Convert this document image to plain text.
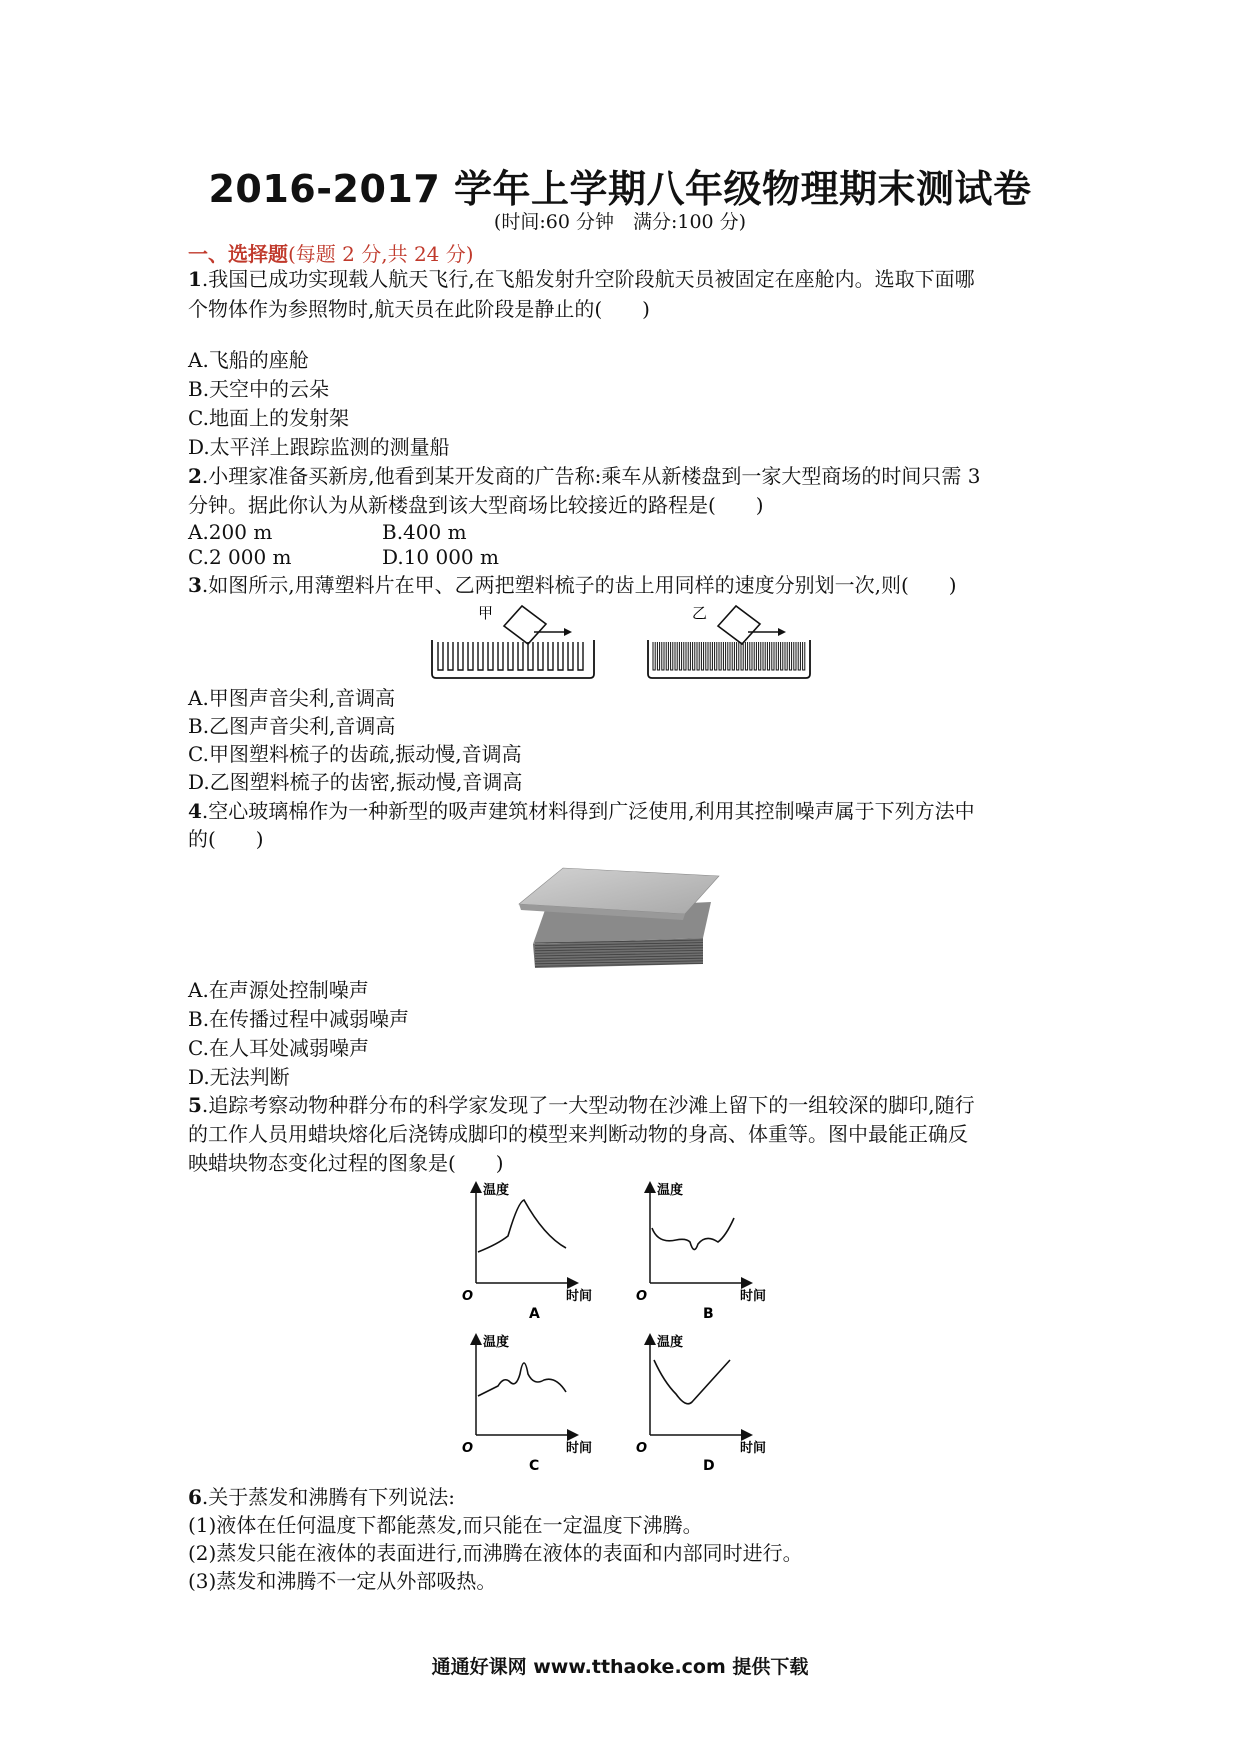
2016-2017 学年上学期八年级物理期末测试卷
(时间:60 分钟　满分:100 分)
一、选择题(每题 2 分,共 24 分)
1.我国已成功实现载人航天飞行,在飞船发射升空阶段航天员被固定在座舱内。选取下面哪
个物体作为参照物时,航天员在此阶段是静止的(　　)
A.飞船的座舱
B.天空中的云朵
C.地面上的发射架
D.太平洋上跟踪监测的测量船
2.小理家准备买新房,他看到某开发商的广告称:乘车从新楼盘到一家大型商场的时间只需 3
分钟。据此你认为从新楼盘到该大型商场比较接近的路程是(　　)
A.200 m	B.400 m
C.2 000 m	D.10 000 m
3.如图所示,用薄塑料片在甲、乙两把塑料梳子的齿上用同样的速度分别划一次,则(　　)
甲	乙
A.甲图声音尖利,音调高
B.乙图声音尖利,音调高
C.甲图塑料梳子的齿疏,振动慢,音调高
D.乙图塑料梳子的齿密,振动慢,音调高
4.空心玻璃棉作为一种新型的吸声建筑材料得到广泛使用,利用其控制噪声属于下列方法中
的(　　)
A.在声源处控制噪声
B.在传播过程中减弱噪声
C.在人耳处减弱噪声
D.无法判断
5.追踪考察动物种群分布的科学家发现了一大型动物在沙滩上留下的一组较深的脚印,随行
的工作人员用蜡块熔化后浇铸成脚印的模型来判断动物的身高、体重等。图中最能正确反
映蜡块物态变化过程的图象是(　　)
温度
时间
O
A
温度
时间
O
B
温度
时间
O
C
温度
时间
O
D
6.关于蒸发和沸腾有下列说法:
(1)液体在任何温度下都能蒸发,而只能在一定温度下沸腾。
(2)蒸发只能在液体的表面进行,而沸腾在液体的表面和内部同时进行。
(3)蒸发和沸腾不一定从外部吸热。
通通好课网 www.tthaoke.com 提供下载
